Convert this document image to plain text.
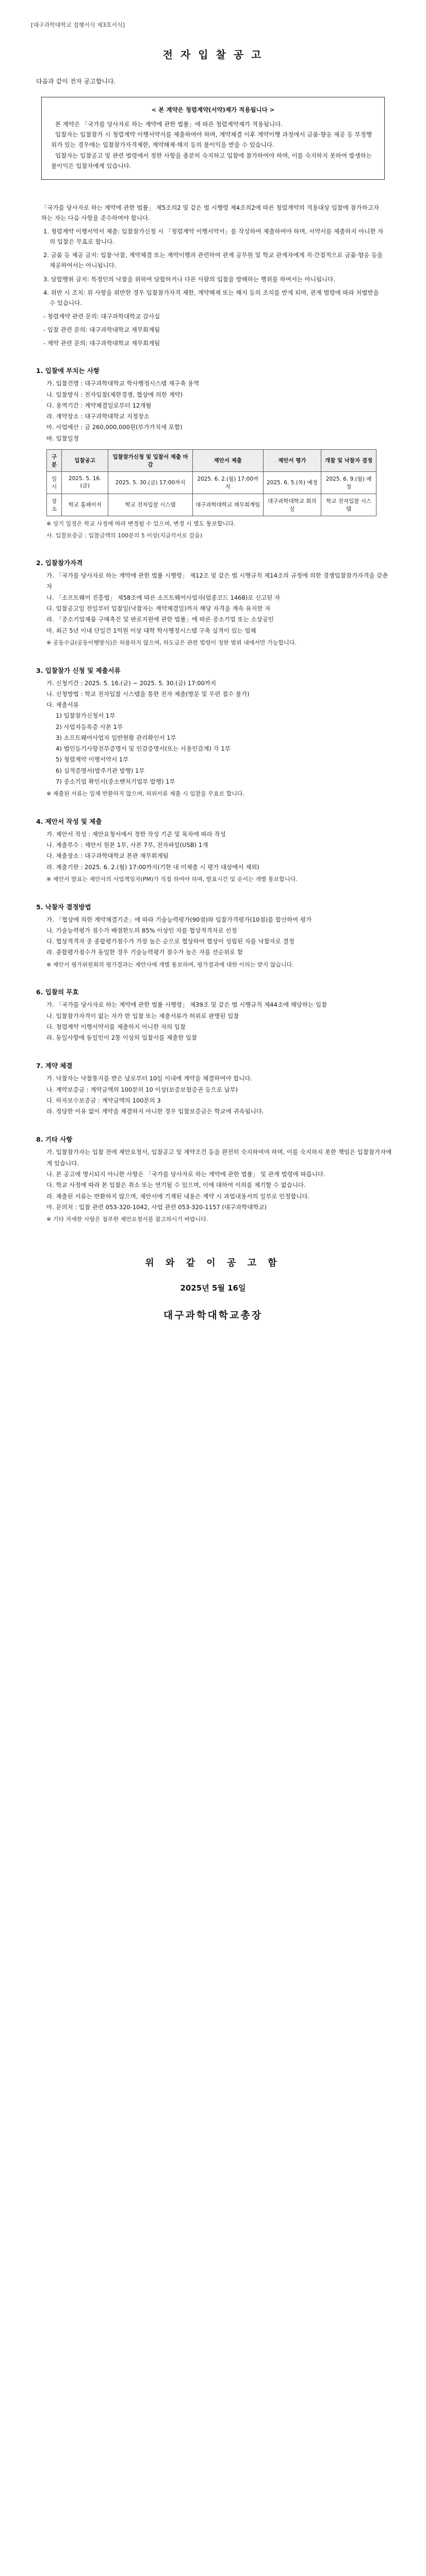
[대구과학대학교 집행서식 제3호서식]
전 자 입 찰 공 고
다음과 같이 전자 공고합니다.
< 본 계약은 청렴계약(서약)제가 적용됩니다 >

본 계약은 「국가를 당사자로 하는 계약에 관한 법률」에 따른 청렴계약제가 적용됩니다.

입찰자는 입찰참가 시 청렴계약 이행서약서를 제출하여야 하며, 계약체결 이후 계약이행 과정에서 금품·향응 제공 등 부정행위가 있는 경우에는 입찰참가자격제한, 계약해제·해지 등의 불이익을 받을 수 있습니다.

입찰자는 입찰공고 및 관련 법령에서 정한 사항을 충분히 숙지하고 입찰에 참가하여야 하며, 이를 숙지하지 못하여 발생하는 불이익은 입찰자에게 있습니다.

「국가를 당사자로 하는 계약에 관한 법률」 제5조의2 및 같은 법 시행령 제4조의2에 따른 청렴계약의 적용대상 입찰에 참가하고자 하는 자는 다음 사항을 준수하여야 합니다.

1. 청렴계약 이행서약서 제출: 입찰참가신청 시 「청렴계약 이행서약서」를 작성하여 제출하여야 하며, 서약서를 제출하지 아니한 자의 입찰은 무효로 합니다.

2. 금품 등 제공 금지: 입찰·낙찰, 계약체결 또는 계약이행과 관련하여 관계 공무원 및 학교 관계자에게 직·간접적으로 금품·향응 등을 제공하여서는 아니됩니다.

3. 담합행위 금지: 특정인의 낙찰을 위하여 담합하거나 다른 사람의 입찰을 방해하는 행위를 하여서는 아니됩니다.

4. 위반 시 조치: 위 사항을 위반한 경우 입찰참가자격 제한, 계약해제 또는 해지 등의 조치를 받게 되며, 관계 법령에 따라 처벌받을 수 있습니다.

- 청렴계약 관련 문의: 대구과학대학교 감사실

- 입찰 관련 문의: 대구과학대학교 재무회계팀

- 계약 관련 문의: 대구과학대학교 재무회계팀

1. 입찰에 부치는 사항
가. 입찰건명 : 대구과학대학교 학사행정시스템 재구축 용역
나. 입찰방식 : 전자입찰(제한경쟁, 협상에 의한 계약)
다. 용역기간 : 계약체결일로부터 12개월
라. 계약장소 : 대구과학대학교 지정장소
마. 사업예산 : 금 260,000,000원(부가가치세 포함)
바. 입찰일정
구분	입찰공고	입찰참가신청 및 입찰서 제출 마감	제안서 제출	제안서 평가	개찰 및 낙찰자 결정
일시	2025. 5. 16.(금)	2025. 5. 30.(금) 17:00까지	2025. 6. 2.(월) 17:00까지	2025. 6. 5.(목) 예정	2025. 6. 9.(월) 예정
장소	학교 홈페이지	학교 전자입찰 시스템	대구과학대학교 재무회계팀	대구과학대학교 회의실	학교 전자입찰 시스템
※ 상기 일정은 학교 사정에 따라 변경될 수 있으며, 변경 시 별도 통보합니다.
사. 입찰보증금 : 입찰금액의 100분의 5 이상(지급각서로 갈음)
2. 입찰참가자격
가. 「국가를 당사자로 하는 계약에 관한 법률 시행령」 제12조 및 같은 법 시행규칙 제14조의 규정에 의한 경쟁입찰참가자격을 갖춘 자
나. 「소프트웨어 진흥법」 제58조에 따른 소프트웨어사업자(업종코드 1468)로 신고된 자
다. 입찰공고일 전일부터 입찰일(낙찰자는 계약체결일)까지 해당 자격을 계속 유지한 자
라. 「중소기업제품 구매촉진 및 판로지원에 관한 법률」에 따른 중소기업 또는 소상공인
마. 최근 5년 이내 단일건 1억원 이상 대학 학사행정시스템 구축 실적이 있는 업체
※ 공동수급(공동이행방식)은 허용하지 않으며, 하도급은 관련 법령이 정한 범위 내에서만 가능합니다.
3. 입찰참가 신청 및 제출서류
가. 신청기간 : 2025. 5. 16.(금) ~ 2025. 5. 30.(금) 17:00까지
나. 신청방법 : 학교 전자입찰 시스템을 통한 전자 제출(방문 및 우편 접수 불가)
다. 제출서류
1) 입찰참가신청서 1부
2) 사업자등록증 사본 1부
3) 소프트웨어사업자 일반현황 관리확인서 1부
4) 법인등기사항전부증명서 및 인감증명서(또는 사용인감계) 각 1부
5) 청렴계약 이행서약서 1부
6) 실적증명서(발주기관 발행) 1부
7) 중소기업 확인서(중소벤처기업부 발행) 1부
※ 제출된 서류는 일체 반환하지 않으며, 허위서류 제출 시 입찰을 무효로 합니다.
4. 제안서 작성 및 제출
가. 제안서 작성 : 제안요청서에서 정한 작성 기준 및 목차에 따라 작성
나. 제출부수 : 제안서 원본 1부, 사본 7부, 전자파일(USB) 1개
다. 제출장소 : 대구과학대학교 본관 재무회계팀
라. 제출기한 : 2025. 6. 2.(월) 17:00까지(기한 내 미제출 시 평가 대상에서 제외)
※ 제안서 발표는 제안사의 사업책임자(PM)가 직접 하여야 하며, 발표시간 및 순서는 개별 통보합니다.
5. 낙찰자 결정방법
가. 「협상에 의한 계약체결기준」에 따라 기술능력평가(90점)와 입찰가격평가(10점)를 합산하여 평가
나. 기술능력평가 점수가 배점한도의 85% 이상인 자를 협상적격자로 선정
다. 협상적격자 중 종합평가점수가 가장 높은 순으로 협상하여 협상이 성립된 자를 낙찰자로 결정
라. 종합평가점수가 동일한 경우 기술능력평가 점수가 높은 자를 선순위로 함
※ 제안서 평가위원회의 평가결과는 제안사에 개별 통보하며, 평가결과에 대한 이의는 받지 않습니다.
6. 입찰의 무효
가. 「국가를 당사자로 하는 계약에 관한 법률 시행령」 제39조 및 같은 법 시행규칙 제44조에 해당하는 입찰
나. 입찰참가자격이 없는 자가 한 입찰 또는 제출서류가 허위로 판명된 입찰
다. 청렴계약 이행서약서를 제출하지 아니한 자의 입찰
라. 동일사항에 동일인이 2통 이상의 입찰서를 제출한 입찰
7. 계약 체결
가. 낙찰자는 낙찰통지를 받은 날로부터 10일 이내에 계약을 체결하여야 합니다.
나. 계약보증금 : 계약금액의 100분의 10 이상(보증보험증권 등으로 납부)
다. 하자보수보증금 : 계약금액의 100분의 3
라. 정당한 이유 없이 계약을 체결하지 아니한 경우 입찰보증금은 학교에 귀속됩니다.
8. 기타 사항
가. 입찰참가자는 입찰 전에 제안요청서, 입찰공고 및 계약조건 등을 완전히 숙지하여야 하며, 이를 숙지하지 못한 책임은 입찰참가자에게 있습니다.
나. 본 공고에 명시되지 아니한 사항은 「국가를 당사자로 하는 계약에 관한 법률」 및 관계 법령에 따릅니다.
다. 학교 사정에 따라 본 입찰은 취소 또는 연기될 수 있으며, 이에 대하여 이의를 제기할 수 없습니다.
라. 제출된 서류는 반환하지 않으며, 제안서에 기재된 내용은 계약 시 과업내용서의 일부로 인정합니다.
마. 문의처 : 입찰 관련 053-320-1042, 사업 관련 053-320-1157 (대구과학대학교)
※ 기타 자세한 사항은 첨부한 제안요청서를 참고하시기 바랍니다.
위 와 같 이 공 고 함
2025년 5월 16일
대구과학대학교총장
